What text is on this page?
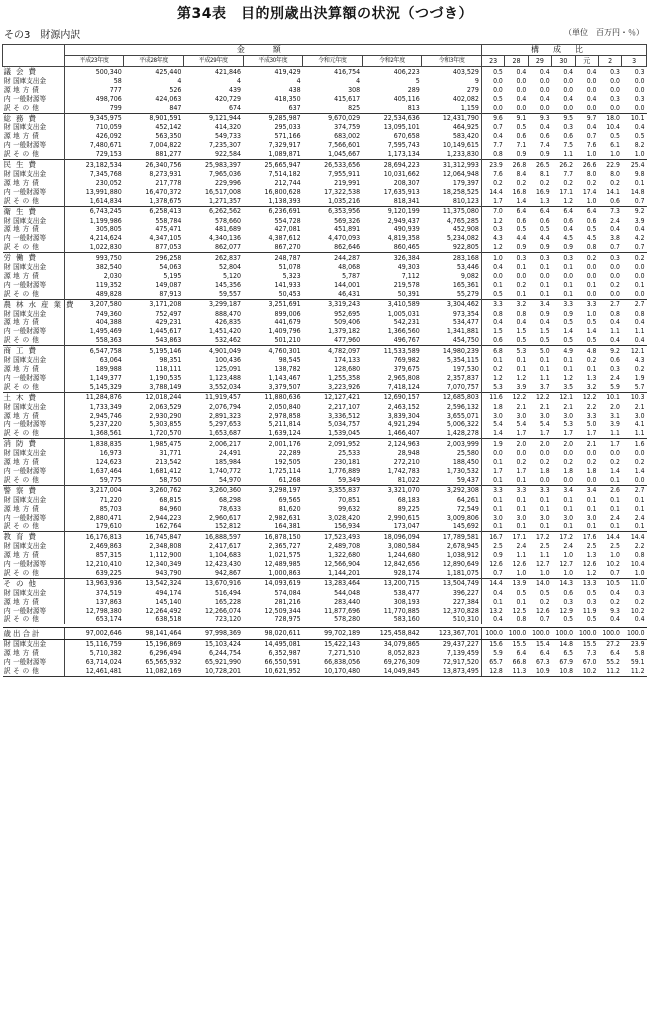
第34表　目的別歳出決算額の状況（つづき）
その3　財源内訳	（単位　百万円・％）
		金額							構成比						
		平成23年度	平成28年度	平成29年度	平成30年度	令和元年度	令和2年度	令和3年度	23	28	29	30	元	2	3
議会費		500,340	425,440	421,846	419,429	416,754	406,223	403,529	0.5	0.4	0.4	0.4	0.4	0.3	0.3
財	国庫支出金	58	4	4	4	4	5	9	0.0	0.0	0.0	0.0	0.0	0.0	0.0
源	地方債	777	526	439	438	308	289	279	0.0	0.0	0.0	0.0	0.0	0.0	0.0
内	一般財源等	498,706	424,063	420,729	418,350	415,617	405,116	402,082	0.5	0.4	0.4	0.4	0.4	0.3	0.3
訳	その他	799	847	674	637	825	813	1,159	0.0	0.0	0.0	0.0	0.0	0.0	0.0
総務費		9,345,975	8,901,591	9,121,944	9,285,987	9,670,029	22,534,636	12,431,790	9.6	9.1	9.3	9.5	9.7	18.0	10.1
財	国庫支出金	710,059	452,142	414,320	295,033	374,759	13,095,101	464,925	0.7	0.5	0.4	0.3	0.4	10.4	0.4
源	地方債	426,092	563,350	549,733	571,166	683,002	670,658	583,420	0.4	0.6	0.6	0.6	0.7	0.5	0.5
内	一般財源等	7,480,671	7,004,822	7,235,307	7,329,917	7,566,601	7,595,743	10,149,615	7.7	7.1	7.4	7.5	7.6	6.1	8.2
訳	その他	729,153	881,277	922,584	1,089,871	1,045,667	1,173,134	1,233,830	0.8	0.9	0.9	1.1	1.0	1.0	1.0
民生費		23,182,534	26,340,756	25,983,397	25,665,947	26,533,656	28,694,223	31,312,993	23.9	26.8	26.5	26.2	26.6	22.9	25.4
財	国庫支出金	7,345,768	8,273,931	7,965,036	7,514,182	7,955,911	10,031,662	12,064,948	7.6	8.4	8.1	7.7	8.0	8.0	9.8
源	地方債	230,052	217,778	229,996	212,744	219,991	208,307	179,397	0.2	0.2	0.2	0.2	0.2	0.2	0.1
内	一般財源等	13,991,880	16,470,372	16,517,008	16,800,628	17,322,538	17,635,913	18,258,525	14.4	16.8	16.9	17.1	17.4	14.1	14.8
訳	その他	1,614,834	1,378,675	1,271,357	1,138,393	1,035,216	818,341	810,123	1.7	1.4	1.3	1.2	1.0	0.6	0.7
衛生費		6,743,245	6,258,413	6,262,562	6,236,691	6,353,956	9,120,199	11,375,080	7.0	6.4	6.4	6.4	6.4	7.3	9.2
財	国庫支出金	1,199,986	558,784	578,660	554,728	569,326	2,949,437	4,765,285	1.2	0.6	0.6	0.6	0.6	2.4	3.9
源	地方債	305,805	475,471	481,689	427,081	451,891	490,939	452,908	0.3	0.5	0.5	0.4	0.5	0.4	0.4
内	一般財源等	4,214,624	4,347,105	4,340,136	4,387,612	4,470,093	4,819,358	5,234,082	4.3	4.4	4.4	4.5	4.5	3.8	4.2
訳	その他	1,022,830	877,053	862,077	867,270	862,646	860,465	922,805	1.2	0.9	0.9	0.9	0.8	0.7	0.7
労働費		993,750	296,258	262,837	248,787	244,287	326,384	283,168	1.0	0.3	0.3	0.3	0.2	0.3	0.2
財	国庫支出金	382,540	54,063	52,804	51,078	48,068	49,303	53,446	0.4	0.1	0.1	0.1	0.0	0.0	0.0
源	地方債	2,030	5,195	5,120	5,323	5,787	7,112	9,082	0.0	0.0	0.0	0.0	0.0	0.0	0.0
内	一般財源等	119,352	149,087	145,356	141,933	144,001	219,578	165,361	0.1	0.2	0.1	0.1	0.1	0.2	0.1
訳	その他	489,828	87,913	59,557	50,453	46,431	50,391	55,279	0.5	0.1	0.1	0.1	0.0	0.0	0.0
農林水産業費		3,207,580	3,171,208	3,299,187	3,251,691	3,319,243	3,410,589	3,304,462	3.3	3.2	3.4	3.3	3.3	2.7	2.7
財	国庫支出金	749,360	752,497	888,470	899,006	952,695	1,005,031	973,354	0.8	0.8	0.9	0.9	1.0	0.8	0.8
源	地方債	404,388	429,231	426,835	441,679	509,406	542,231	534,477	0.4	0.4	0.4	0.5	0.5	0.4	0.4
内	一般財源等	1,495,469	1,445,617	1,451,420	1,409,796	1,379,182	1,366,560	1,341,881	1.5	1.5	1.5	1.4	1.4	1.1	1.1
訳	その他	558,363	543,863	532,462	501,210	477,960	496,767	454,750	0.6	0.5	0.5	0.5	0.5	0.4	0.4
商工費		6,547,758	5,195,146	4,901,049	4,760,301	4,782,097	11,533,589	14,980,239	6.8	5.3	5.0	4.9	4.8	9.2	12.1
財	国庫支出金	63,064	98,351	100,436	98,545	174,133	769,982	5,354,115	0.1	0.1	0.1	0.1	0.2	0.6	4.3
源	地方債	189,988	118,111	125,091	138,782	128,680	379,675	197,530	0.2	0.1	0.1	0.1	0.1	0.3	0.2
内	一般財源等	1,149,377	1,190,535	1,123,488	1,143,467	1,255,358	2,965,808	2,357,837	1.2	1.2	1.1	1.2	1.3	2.4	1.9
訳	その他	5,145,329	3,788,149	3,552,034	3,379,507	3,223,926	7,418,124	7,070,757	5.3	3.9	3.7	3.5	3.2	5.9	5.7
土木費		11,284,876	12,018,244	11,919,457	11,880,636	12,127,421	12,690,157	12,685,803	11.6	12.2	12.2	12.1	12.2	10.1	10.3
財	国庫支出金	1,733,349	2,063,529	2,076,794	2,050,840	2,217,107	2,463,152	2,596,132	1.8	2.1	2.1	2.1	2.2	2.0	2.1
源	地方債	2,945,746	2,930,290	2,891,323	2,978,858	3,336,512	3,839,304	3,655,071	3.0	3.0	3.0	3.0	3.3	3.1	3.0
内	一般財源等	5,237,220	5,303,855	5,297,653	5,211,814	5,034,757	4,921,294	5,006,322	5.4	5.4	5.4	5.3	5.0	3.9	4.1
訳	その他	1,368,561	1,720,570	1,653,687	1,639,124	1,539,045	1,466,407	1,428,278	1.4	1.7	1.7	1.7	1.7	1.1	1.1
消防費		1,838,835	1,985,475	2,006,217	2,001,176	2,091,952	2,124,963	2,003,999	1.9	2.0	2.0	2.0	2.1	1.7	1.6
財	国庫支出金	16,973	31,771	24,491	22,289	25,533	28,948	25,580	0.0	0.0	0.0	0.0	0.0	0.0	0.0
源	地方債	124,623	213,542	185,984	192,505	230,181	272,210	188,450	0.1	0.2	0.2	0.2	0.2	0.2	0.2
内	一般財源等	1,637,464	1,681,412	1,740,772	1,725,114	1,776,889	1,742,783	1,730,532	1.7	1.7	1.8	1.8	1.8	1.4	1.4
訳	その他	59,775	58,750	54,970	61,268	59,349	81,022	59,437	0.1	0.1	0.0	0.0	0.0	0.1	0.0
警察費		3,217,004	3,260,762	3,260,360	3,298,197	3,355,837	3,321,070	3,292,308	3.3	3.3	3.3	3.4	3.4	2.6	2.7
財	国庫支出金	71,220	68,815	68,298	69,565	70,851	68,183	64,261	0.1	0.1	0.1	0.1	0.1	0.1	0.1
源	地方債	85,703	84,960	78,633	81,620	99,632	89,225	72,549	0.1	0.1	0.1	0.1	0.1	0.1	0.1
内	一般財源等	2,880,471	2,944,223	2,960,617	2,982,631	3,028,420	2,990,615	3,009,806	3.0	3.0	3.0	3.0	3.0	2.4	2.4
訳	その他	179,610	162,764	152,812	164,381	156,934	173,047	145,692	0.1	0.1	0.1	0.1	0.1	0.1	0.1
教育費		16,176,813	16,745,847	16,888,597	16,878,150	17,523,493	18,096,094	17,789,581	16.7	17.1	17.2	17.2	17.6	14.4	14.4
財	国庫支出金	2,469,863	2,348,808	2,417,617	2,365,727	2,489,708	3,080,584	2,678,945	2.5	2.4	2.5	2.4	2.5	2.5	2.2
源	地方債	857,315	1,112,900	1,104,683	1,021,575	1,322,680	1,244,680	1,038,912	0.9	1.1	1.1	1.0	1.3	1.0	0.8
内	一般財源等	12,210,410	12,340,349	12,423,430	12,489,985	12,566,904	12,842,656	12,890,649	12.6	12.6	12.7	12.7	12.6	10.2	10.4
訳	その他	639,225	943,790	942,867	1,000,863	1,144,201	928,174	1,181,075	0.7	1.0	1.0	1.0	1.2	0.7	1.0
その他		13,963,936	13,542,324	13,670,916	14,093,619	13,283,464	13,200,715	13,504,749	14.4	13.9	14.0	14.3	13.3	10.5	11.0
財	国庫支出金	374,519	494,174	516,494	574,084	544,048	538,477	396,227	0.4	0.5	0.5	0.6	0.5	0.4	0.3
源	地方債	137,863	145,140	165,228	281,216	283,440	308,193	227,384	0.1	0.1	0.2	0.3	0.3	0.2	0.2
内	一般財源等	12,798,380	12,264,492	12,266,074	12,509,344	11,877,696	11,770,885	12,370,828	13.2	12.5	12.6	12.9	11.9	9.3	10.2
訳	その他	653,174	638,518	723,120	728,975	578,280	583,160	510,310	0.4	0.8	0.7	0.5	0.5	0.4	0.4

歳出合計		97,002,646	98,141,464	97,998,369	98,020,611	99,702,189	125,458,842	123,367,701	100.0	100.0	100.0	100.0	100.0	100.0	100.0
財	国庫支出金	15,116,759	15,196,869	15,103,424	14,495,081	15,422,143	34,079,865	29,437,227	15.6	15.5	15.4	14.8	15.5	27.2	23.9
源	地方債	5,710,382	6,296,494	6,244,754	6,352,987	7,271,510	8,052,823	7,139,459	5.9	6.4	6.4	6.5	7.3	6.4	5.8
内	一般財源等	63,714,024	65,565,932	65,921,990	66,550,591	66,838,056	69,276,309	72,917,520	65.7	66.8	67.3	67.9	67.0	55.2	59.1
訳	その他	12,461,481	11,082,169	10,728,201	10,621,952	10,170,480	14,049,845	13,873,495	12.8	11.3	10.9	10.8	10.2	11.2	11.2
